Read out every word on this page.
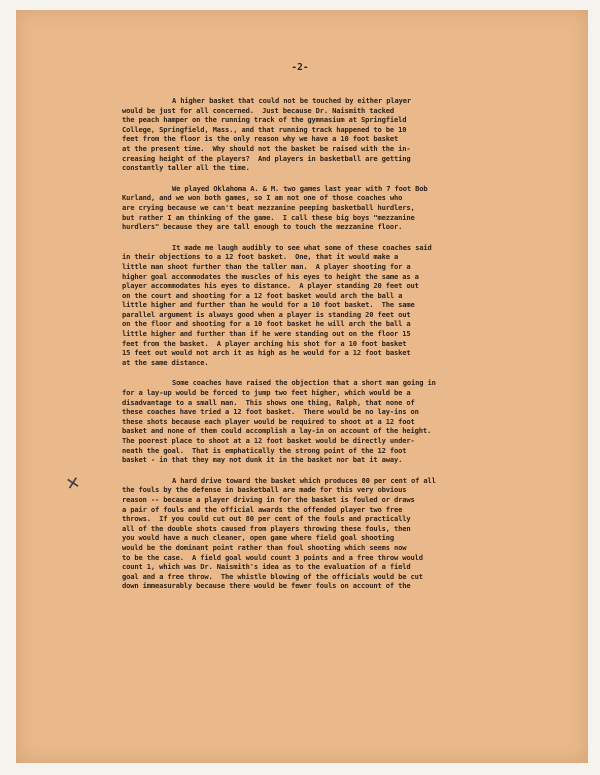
-2-
A higher basket that could not be touched by either player
would be just for all concerned.  Just because Dr. Naismith tacked
the peach hamper on the running track of the gymnasium at Springfield
College, Springfield, Mass., and that running track happened to be 10
feet from the floor is the only reason why we have a 10 foot basket
at the present time.  Why should not the basket be raised with the in-
creasing height of the players?  And players in basketball are getting
constantly taller all the time.
We played Oklahoma A. & M. two games last year with 7 foot Bob
Kurland, and we won both games, so I am not one of those coaches who
are crying because we can't beat mezzanine peeping basketball hurdlers,
but rather I am thinking of the game.  I call these big boys "mezzanine
hurdlers" because they are tall enough to touch the mezzanine floor.
It made me laugh audibly to see what some of these coaches said
in their objections to a 12 foot basket.  One, that it would make a
little man shoot further than the taller man.  A player shooting for a
higher goal accommodates the muscles of his eyes to height the same as a
player accommodates his eyes to distance.  A player standing 20 feet out
on the court and shooting for a 12 foot basket would arch the ball a
little higher and further than he would for a 10 foot basket.  The same
parallel argument is always good when a player is standing 20 feet out
on the floor and shooting for a 10 foot basket he will arch the ball a
little higher and further than if he were standing out on the floor 15
feet from the basket.  A player arching his shot for a 10 foot basket
15 feet out would not arch it as high as he would for a 12 foot basket
at the same distance.
Some coaches have raised the objection that a short man going in
for a lay-up would be forced to jump two feet higher, which would be a
disadvantage to a small man.  This shows one thing, Ralph, that none of
these coaches have tried a 12 foot basket.  There would be no lay-ins on
these shots because each player would be required to shoot at a 12 foot
basket and none of them could accomplish a lay-in on account of the height.
The poorest place to shoot at a 12 foot basket would be directly under-
neath the goal.  That is emphatically the strong point of the 12 foot
basket - in that they may not dunk it in the basket nor bat it away.
A hard drive toward the basket which produces 80 per cent of all
the fouls by the defense in basketball are made for this very obvious
reason -- because a player driving in for the basket is fouled or draws
a pair of fouls and the official awards the offended player two free
throws.  If you could cut out 80 per cent of the fouls and practically
all of the double shots caused from players throwing these fouls, then
you would have a much cleaner, open game where field goal shooting
would be the dominant point rather than foul shooting which seems now
to be the case.  A field goal would count 3 points and a free throw would
count 1, which was Dr. Naismith's idea as to the evaluation of a field
goal and a free throw.  The whistle blowing of the officials would be cut
down immeasurably because there would be fewer fouls on account of the
✕
